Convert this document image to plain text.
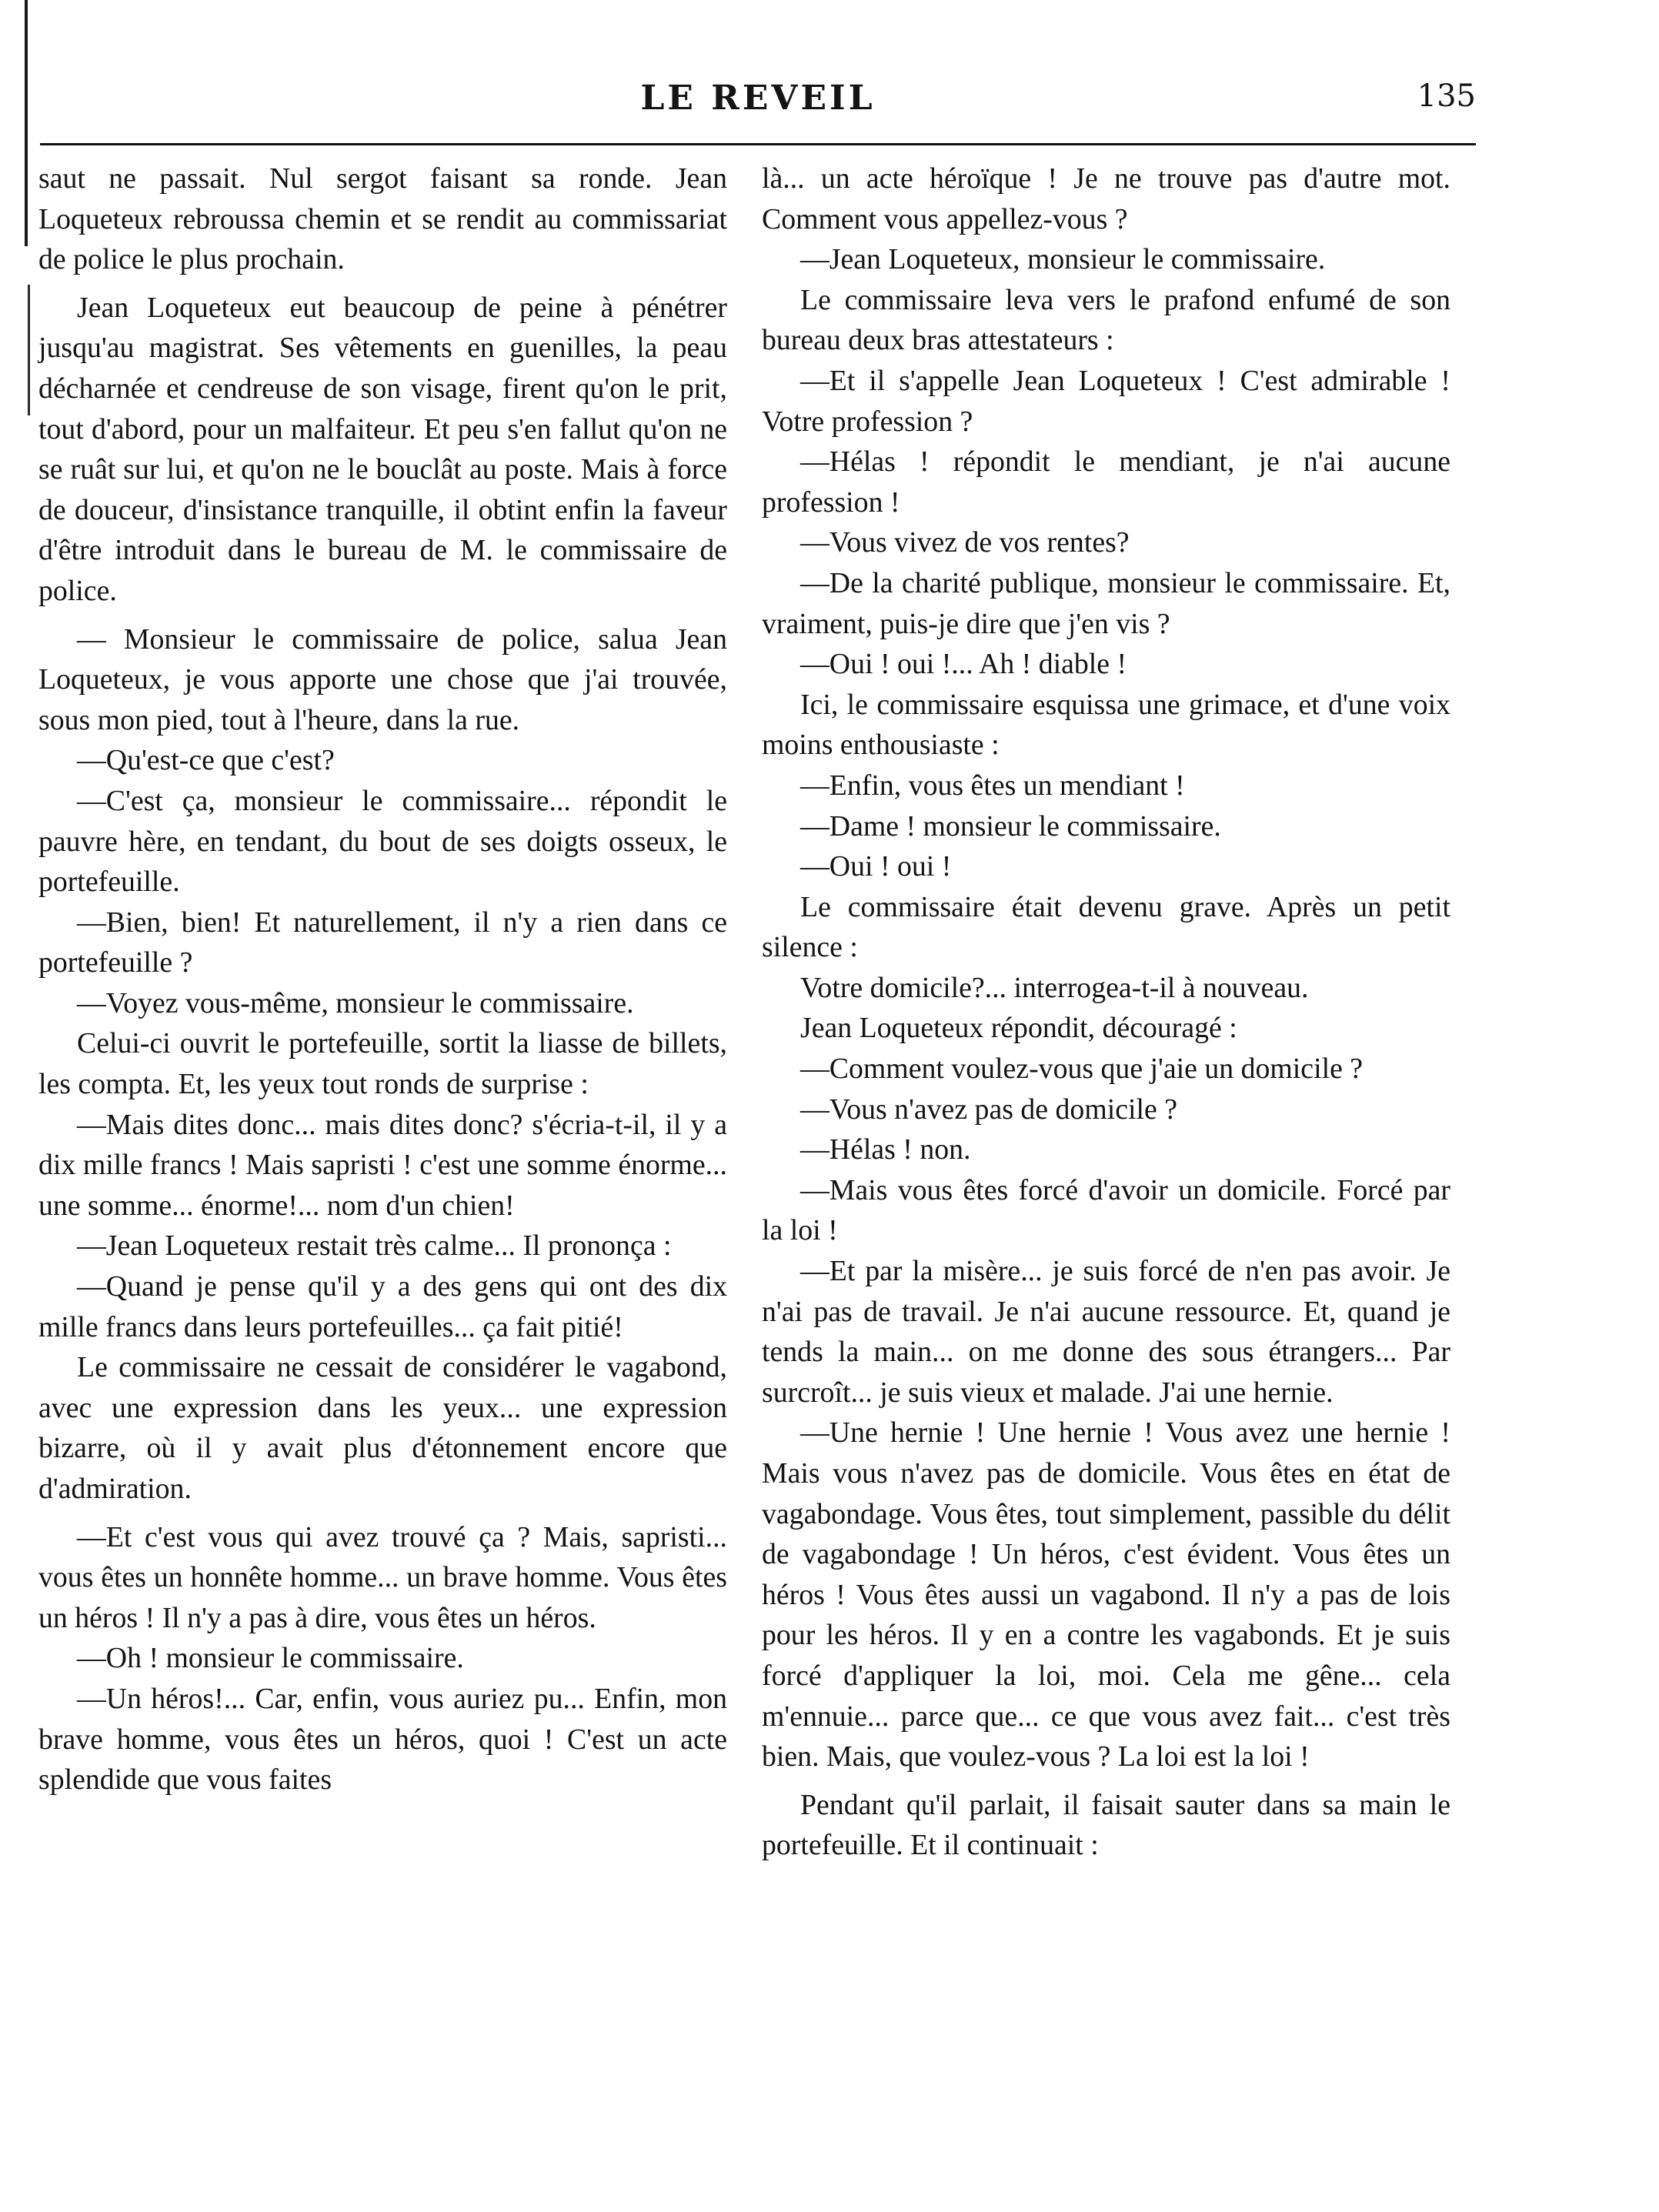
LE REVEIL	135

saut ne passait. Nul sergot faisant sa ronde. Jean Loqueteux rebroussa chemin et se rendit au commissariat de police le plus prochain.

Jean Loqueteux eut beaucoup de peine à pénétrer jusqu'au magistrat. Ses vêtements en guenilles, la peau décharnée et cendreuse de son visage, firent qu'on le prit, tout d'abord, pour un malfaiteur. Et peu s'en fallut qu'on ne se ruât sur lui, et qu'on ne le bouclât au poste. Mais à force de douceur, d'insistance tranquille, il obtint enfin la faveur d'être introduit dans le bureau de M. le commissaire de police.

— Monsieur le commissaire de police, salua Jean Loqueteux, je vous apporte une chose que j'ai trouvée, sous mon pied, tout à l'heure, dans la rue.

—Qu'est-ce que c'est?

—C'est ça, monsieur le commissaire... répondit le pauvre hère, en tendant, du bout de ses doigts osseux, le portefeuille.

—Bien, bien! Et naturellement, il n'y a rien dans ce portefeuille ?

—Voyez vous-même, monsieur le commissaire.

Celui-ci ouvrit le portefeuille, sortit la liasse de billets, les compta. Et, les yeux tout ronds de surprise :

—Mais dites donc... mais dites donc? s'écria-t-il, il y a dix mille francs ! Mais sapristi ! c'est une somme énorme... une somme... énorme!... nom d'un chien!

—Jean Loqueteux restait très calme... Il prononça :

—Quand je pense qu'il y a des gens qui ont des dix mille francs dans leurs portefeuilles... ça fait pitié!

Le commissaire ne cessait de considérer le vagabond, avec une expression dans les yeux... une expression bizarre, où il y avait plus d'étonnement encore que d'admiration.

—Et c'est vous qui avez trouvé ça ? Mais, sapristi... vous êtes un honnête homme... un brave homme. Vous êtes un héros ! Il n'y a pas à dire, vous êtes un héros.

—Oh ! monsieur le commissaire.

—Un héros!... Car, enfin, vous auriez pu... Enfin, mon brave homme, vous êtes un héros, quoi ! C'est un acte splendide que vous faites

là... un acte héroïque ! Je ne trouve pas d'autre mot. Comment vous appellez-vous ?

—Jean Loqueteux, monsieur le commissaire.

Le commissaire leva vers le prafond enfumé de son bureau deux bras attestateurs :

—Et il s'appelle Jean Loqueteux ! C'est admirable ! Votre profession ?

—Hélas ! répondit le mendiant, je n'ai aucune profession !

—Vous vivez de vos rentes?

—De la charité publique, monsieur le commissaire. Et, vraiment, puis-je dire que j'en vis ?

—Oui ! oui !... Ah ! diable !

Ici, le commissaire esquissa une grimace, et d'une voix moins enthousiaste :

—Enfin, vous êtes un mendiant !

—Dame ! monsieur le commissaire.

—Oui ! oui !

Le commissaire était devenu grave. Après un petit silence :

Votre domicile?... interrogea-t-il à nouveau.

Jean Loqueteux répondit, découragé :

—Comment voulez-vous que j'aie un domicile ?

—Vous n'avez pas de domicile ?

—Hélas ! non.

—Mais vous êtes forcé d'avoir un domicile. Forcé par la loi !

—Et par la misère... je suis forcé de n'en pas avoir. Je n'ai pas de travail. Je n'ai aucune ressource. Et, quand je tends la main... on me donne des sous étrangers... Par surcroît... je suis vieux et malade. J'ai une hernie.

—Une hernie ! Une hernie ! Vous avez une hernie ! Mais vous n'avez pas de domicile. Vous êtes en état de vagabondage. Vous êtes, tout simplement, passible du délit de vagabondage ! Un héros, c'est évident. Vous êtes un héros ! Vous êtes aussi un vagabond. Il n'y a pas de lois pour les héros. Il y en a contre les vagabonds. Et je suis forcé d'appliquer la loi, moi. Cela me gêne... cela m'ennuie... parce que... ce que vous avez fait... c'est très bien. Mais, que voulez-vous ? La loi est la loi !

Pendant qu'il parlait, il faisait sauter dans sa main le portefeuille. Et il continuait :
